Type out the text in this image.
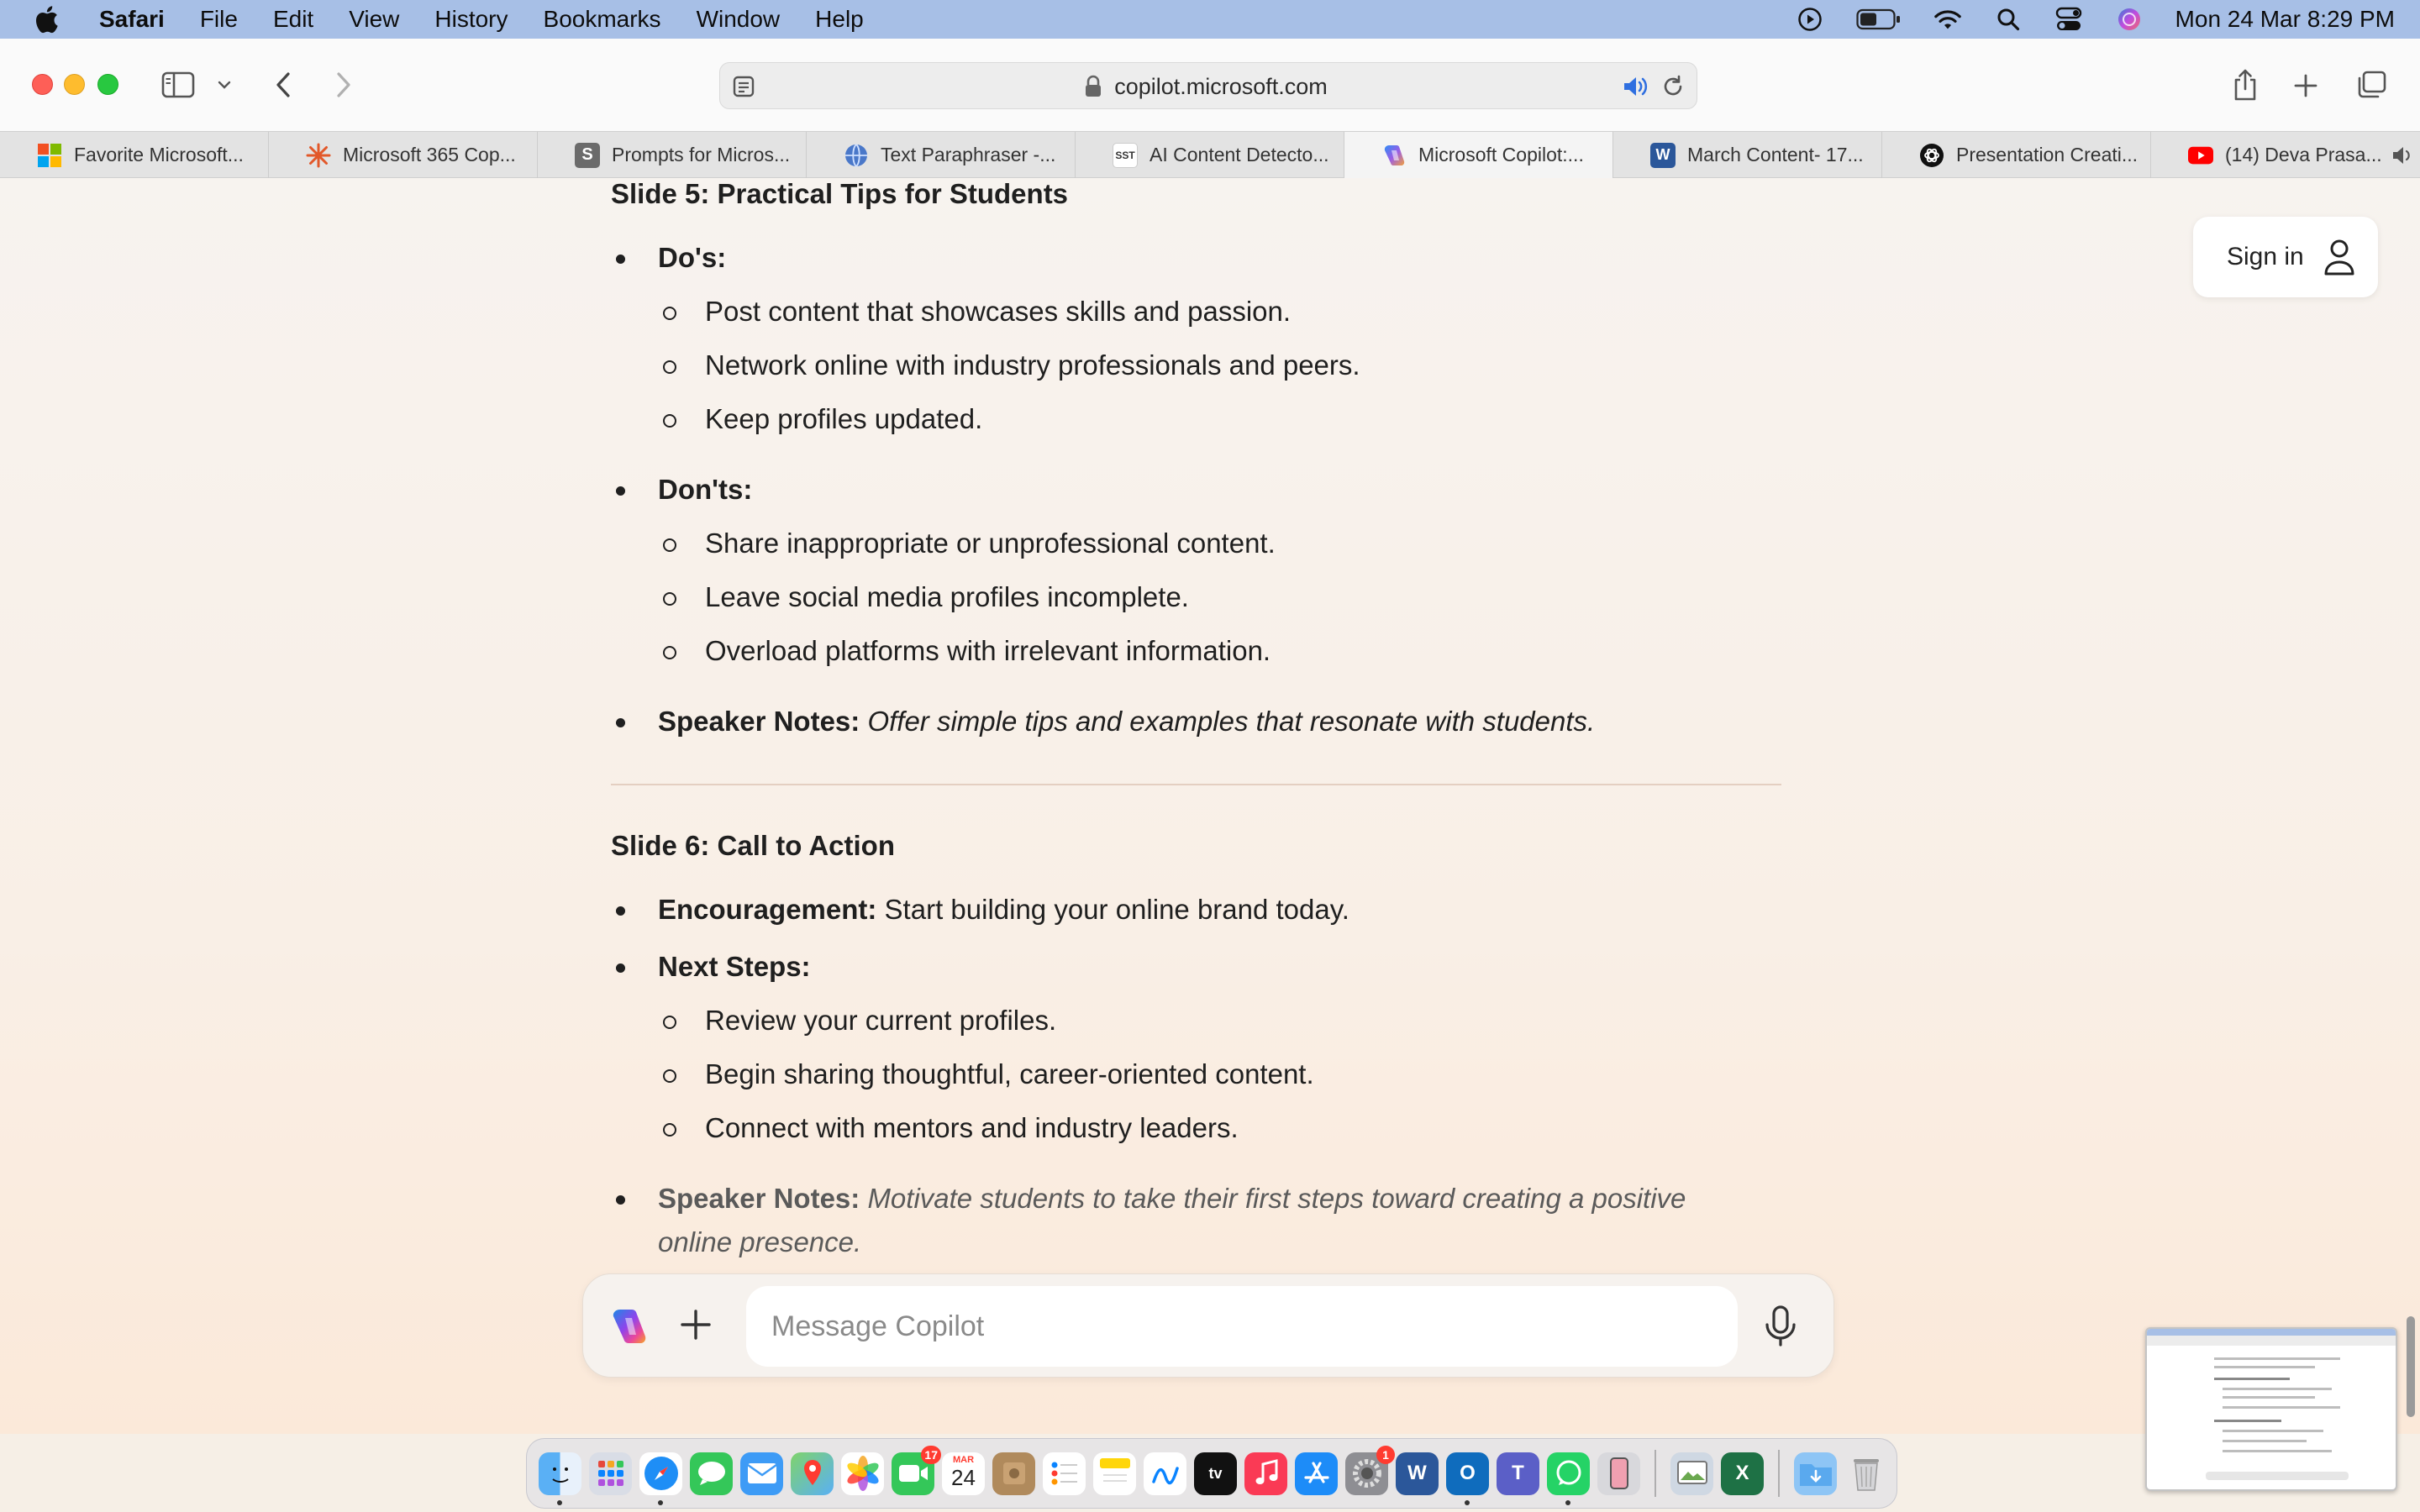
Safari File Edit View History Bookmarks Window Help	Mon 24 Mar 8:29 PM
copilot.microsoft.com
Favorite Microsoft...	Microsoft 365 Cop...	S Prompts for Micros...	Text Paraphraser -...	SST AI Content Detecto...	Microsoft Copilot:...	W March Content- 17...	Presentation Creati...	(14) Deva Prasa...
Slide 5: Practical Tips for Students
Do's:
Post content that showcases skills and passion.
Network online with industry professionals and peers.
Keep profiles updated.
Don'ts:
Share inappropriate or unprofessional content.
Leave social media profiles incomplete.
Overload platforms with irrelevant information.
Speaker Notes: Offer simple tips and examples that resonate with students.
Slide 6: Call to Action
Encouragement: Start building your online brand today.
Next Steps:
Review your current profiles.
Begin sharing thoughtful, career-oriented content.
Connect with mentors and industry leaders.
Speaker Notes: Motivate students to take their first steps toward creating a positive
online presence.
Sign in
Message Copilot
17	MAR
24	tv
1
W	O	T	X
